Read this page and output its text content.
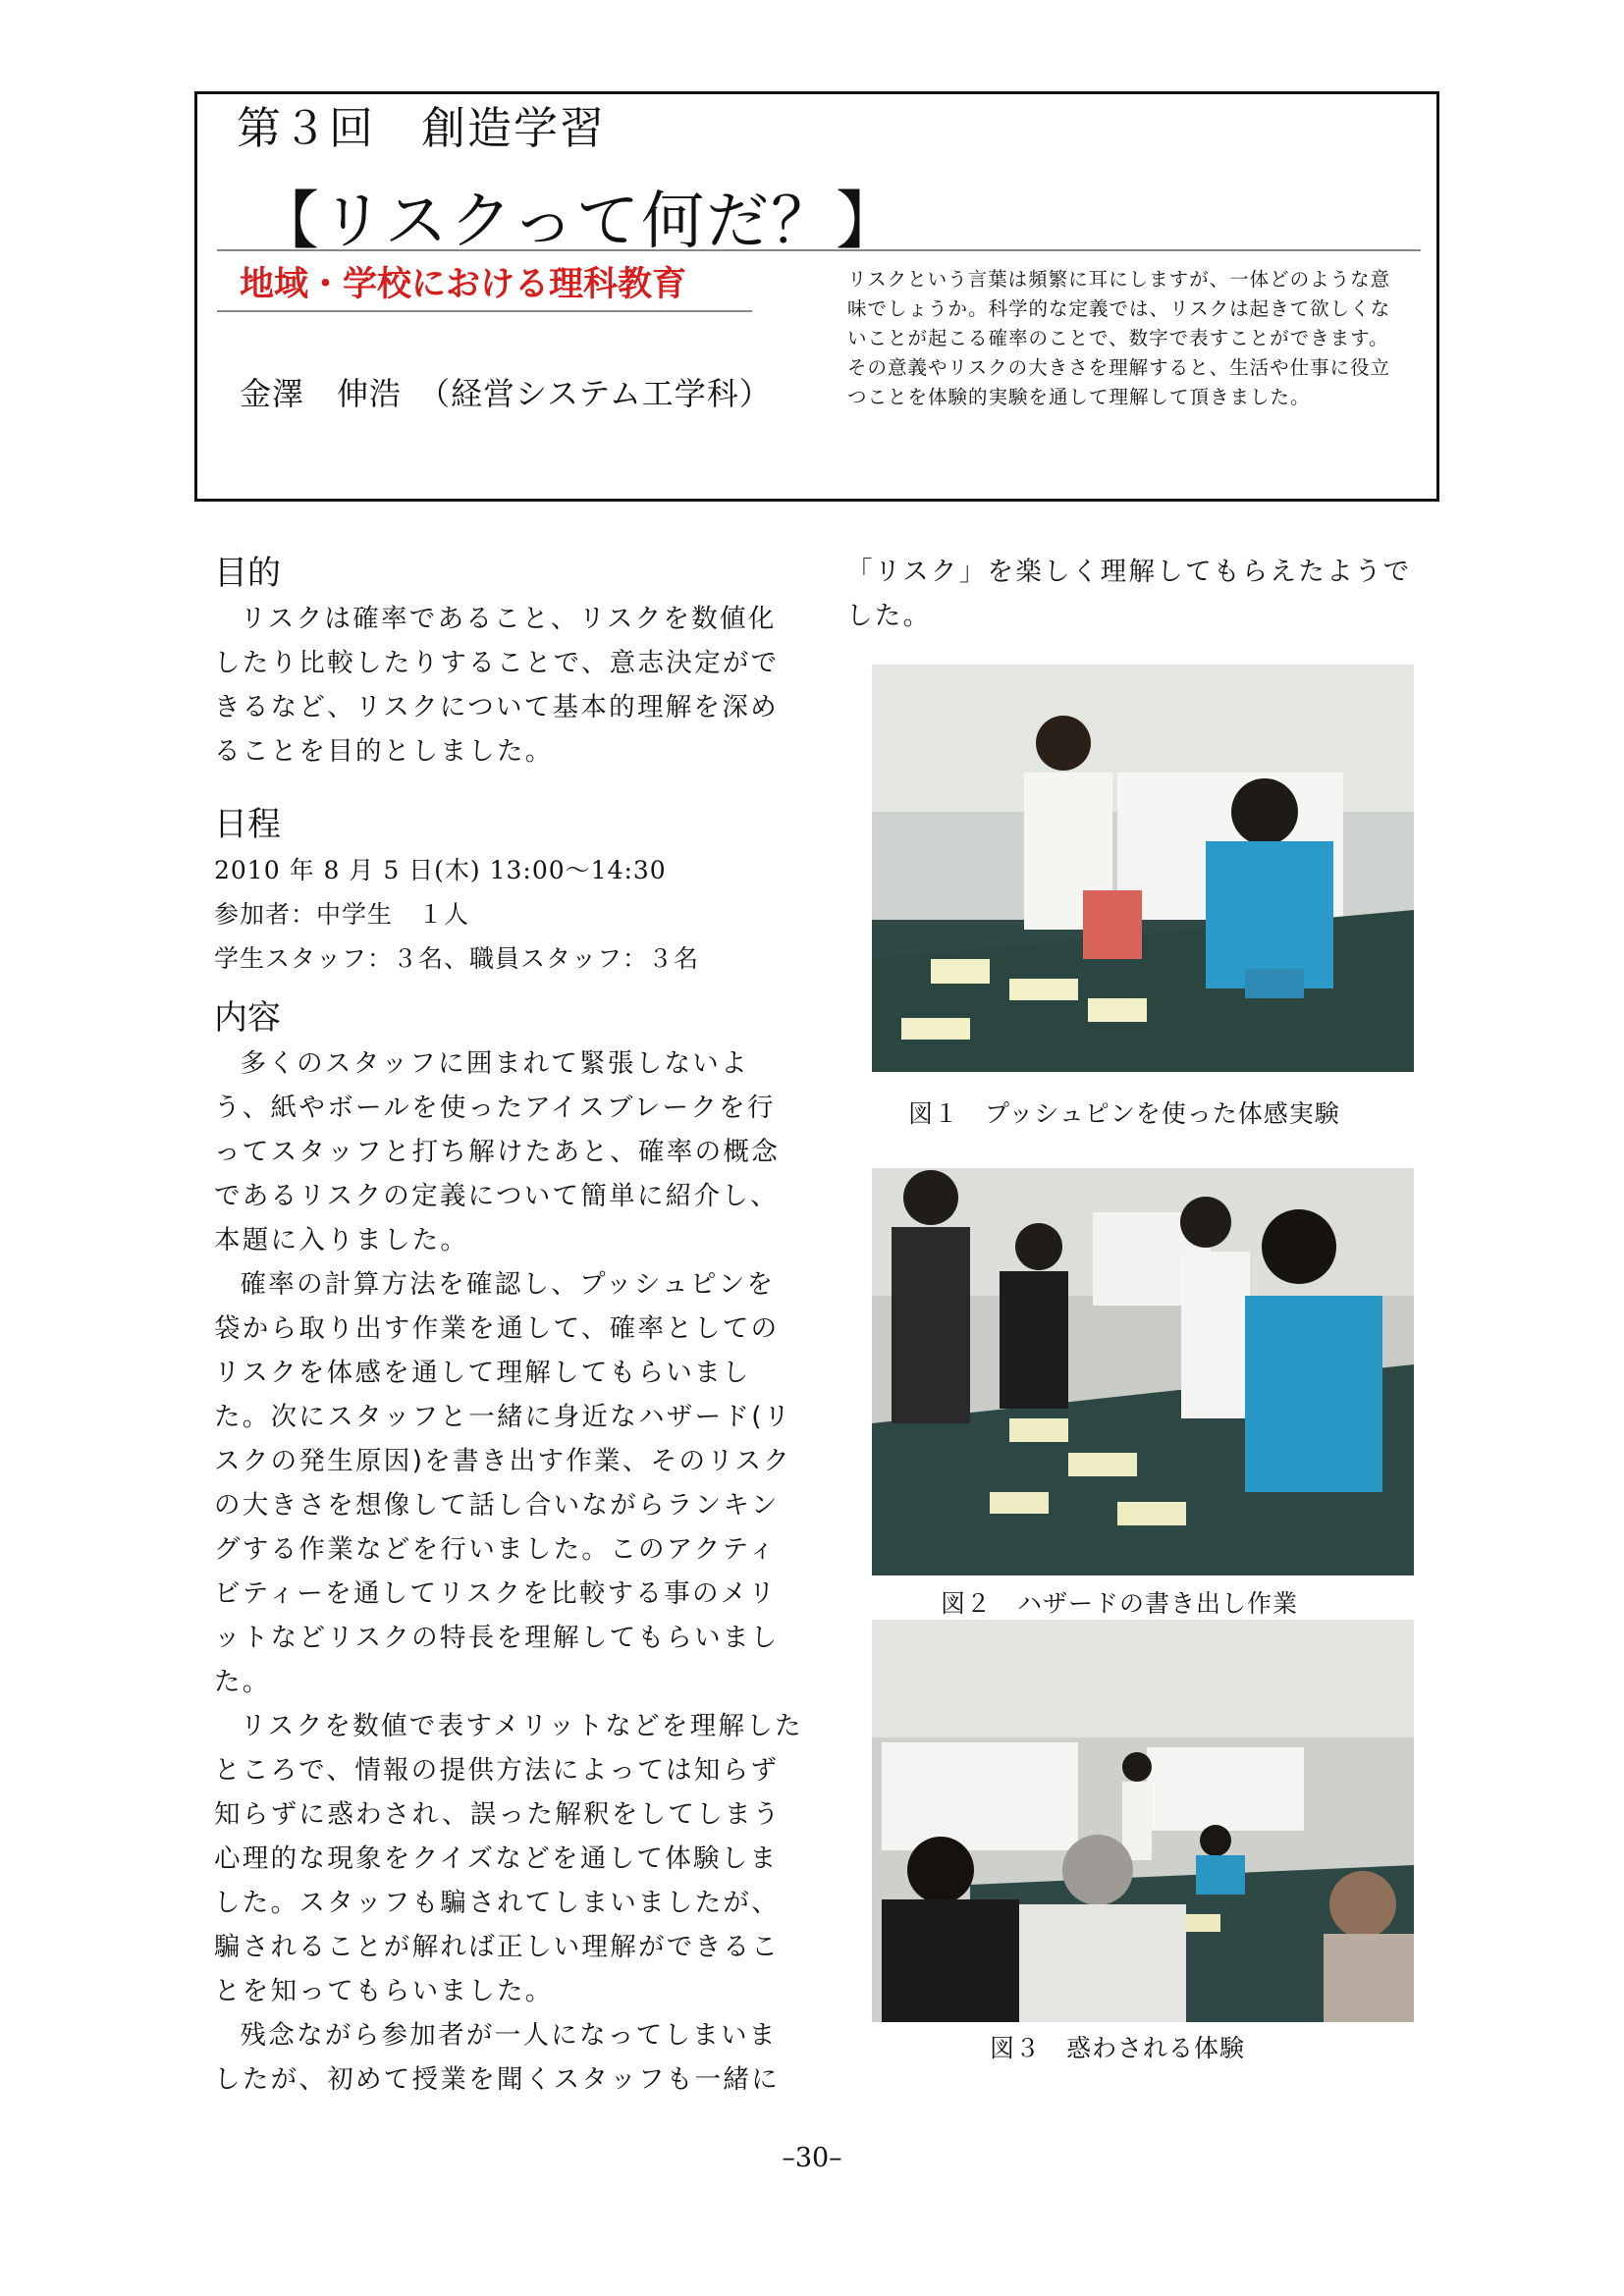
第３回　創造学習
【リスクって何だ？】
地域・学校における理科教育
金澤　伸浩　（経営システム工学科）
リスクという言葉は頻繁に耳にしますが、一体どのような意味でしょうか。科学的な定義では、リスクは起きて欲しくないことが起こる確率のことで、数字で表すことができます。その意義やリスクの大きさを理解すると、生活や仕事に役立つことを体験的実験を通して理解して頂きました。
目的

リスクは確率であること、リスクを数値化したり比較したりすることで、意志決定ができるなど、リスクについて基本的理解を深めることを目的としました。

日程

2010 年 8 月 5 日(木) 13:00〜14:30

参加者：中学生　１人

学生スタッフ：３名、職員スタッフ：３名

内容

多くのスタッフに囲まれて緊張しないよう、紙やボールを使ったアイスブレークを行ってスタッフと打ち解けたあと、確率の概念であるリスクの定義について簡単に紹介し、本題に入りました。

確率の計算方法を確認し、プッシュピンを袋から取り出す作業を通して、確率としてのリスクを体感を通して理解してもらいました。次にスタッフと一緒に身近なハザード(リスクの発生原因)を書き出す作業、そのリスクの大きさを想像して話し合いながらランキングする作業などを行いました。このアクティビティーを通してリスクを比較する事のメリットなどリスクの特長を理解してもらいました。

リスクを数値で表すメリットなどを理解したところで、情報の提供方法によっては知らず知らずに惑わされ、誤った解釈をしてしまう心理的な現象をクイズなどを通して体験しました。スタッフも騙されてしまいましたが、騙されることが解れば正しい理解ができることを知ってもらいました。

残念ながら参加者が一人になってしまいましたが、初めて授業を聞くスタッフも一緒に

図１　プッシュピンを使った体感実験
図２　ハザードの書き出し作業
図３　惑わされる体験
–30–

「リスク」を楽しく理解してもらえたようでした。
